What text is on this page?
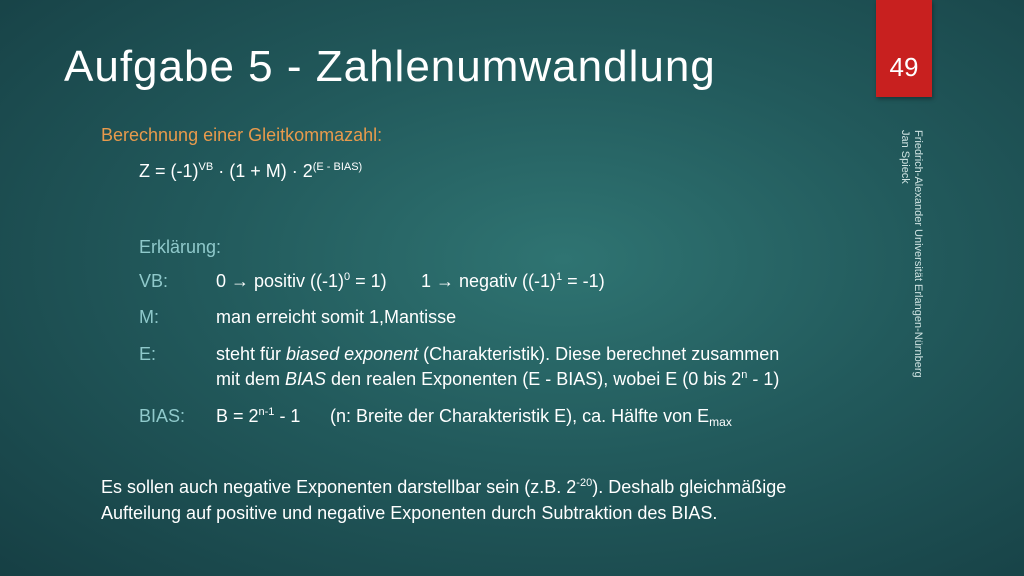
Aufgabe 5 - Zahlenumwandlung	49
Friedrich-Alexander Universität Erlangen-Nürnberg
Jan Spieck
Berechnung einer Gleitkommazahl:
$Z = (-1)^{VB} \cdot (1 + M) \cdot 2^{(E - BIAS)}$
Erklärung:
VB:	0 → positiv $((-1)^0 = 1) 1$ → negativ $((-1)^1 = -1)$
M:	man erreicht somit 1,Mantisse
E:	steht für biased exponent (Charakteristik). Diese berechnet zusammen
mit dem BIAS den realen Exponenten (E - BIAS), wobei E (0 bis 2$^n$ - 1)
BIAS: $B = 2^{n-1} - 1$ (n: Breite der Charakteristik E), ca. Hälfte von $E_{max}$
Es sollen auch negative Exponenten darstellbar sein (z.B. $2^{-20}$). Deshalb gleichmäßige
Aufteilung auf positive und negative Exponenten durch Subtraktion des BIAS.
